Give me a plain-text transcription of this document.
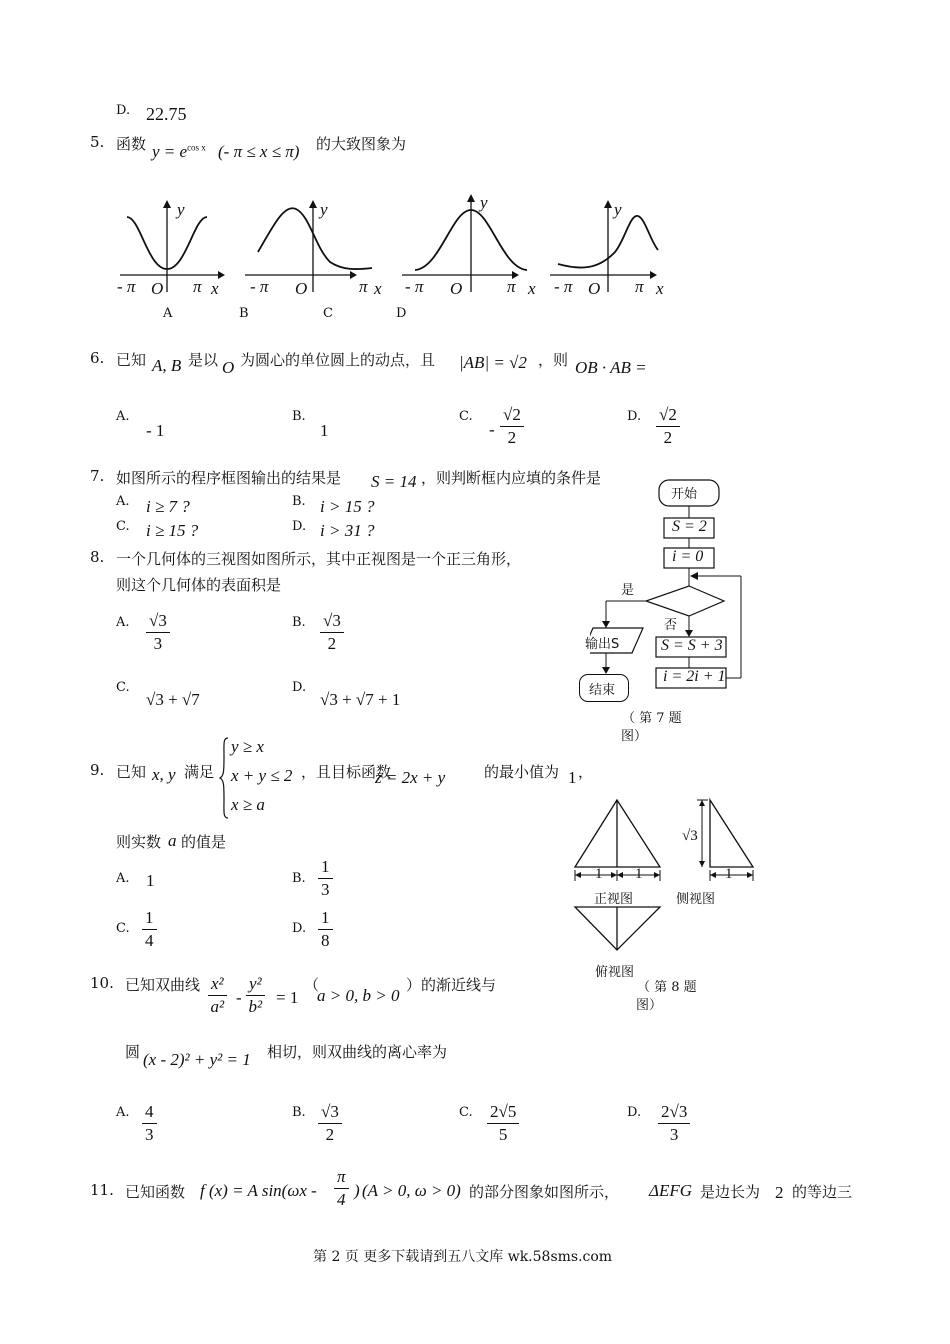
D. 22.75
5. 函数 $y = e^{cos x}$ (- π ≤ x ≤ π) 的大致图象为
y
x
- π O π
y
x
- π O	π
y
x
- π O	π
y
x
- π O π
A	B	C	D
6. 已知 A, B 是以 O 为圆心的单位圆上的动点，且 |AB| = √2 ，则 OB · AB =
A.
- 1
B.
1
C.
- $\frac{√2}{2}$	D. $\frac{√2}{2}$
7. 如图所示的程序框图输出的结果是 S = 14 ，则判断框内应填的条件是
A. i ≥ 7 ?	B. i > 15 ?
C. i ≥ 15 ?	D. i > 31 ?
开始
S = 2
i = 0
是
否
输出S	S = S + 3
i = 2i + 1
结束
（ 第 7 题
图）
8. 一个几何体的三视图如图所示，其中正视图是一个正三角形，
则这个几何体的表面积是
A. $\frac{√3}{3}$	B. $\frac{√3}{2}$
C.
√3 + √7
D.
√3 + √7 + 1
1 1
√3
1
正视图	侧视图
俯视图
（ 第 8 题
图）
9. 已知 x, y 满足
y ≥ x
x + y ≤ 2
x ≥ a
，且目标函数
z = 2x + y	的最小值为 1 ，
则实数 a 的值是
A. 1	B. $\frac{1}{3}$
C. $\frac{1}{4}$	D. $\frac{1}{8}$
10. 已知双曲线 $\frac{\text{x²}}{\text{a²}} - \frac{\text{y²}}{\text{b²}} = 1$
（
a > 0, b > 0
）的渐近线与
圆 (x - 2)² + y² = 1 相切，则双曲线的离心率为
A. $\frac{4}{3}$	B. $\frac{√3}{2}$	C. $\frac{2√5}{5}$	D. $\frac{2√3}{3}$
11. 已知函数 f (x) = A $\sin(\omega x - \frac{\pi}{4}$ ) (A > 0, ω > 0) 的部分图象如图所示， ΔEFG 是边长为 2 的等边三
第 2 页 更多下载请到五八文库 wk.58sms.com
